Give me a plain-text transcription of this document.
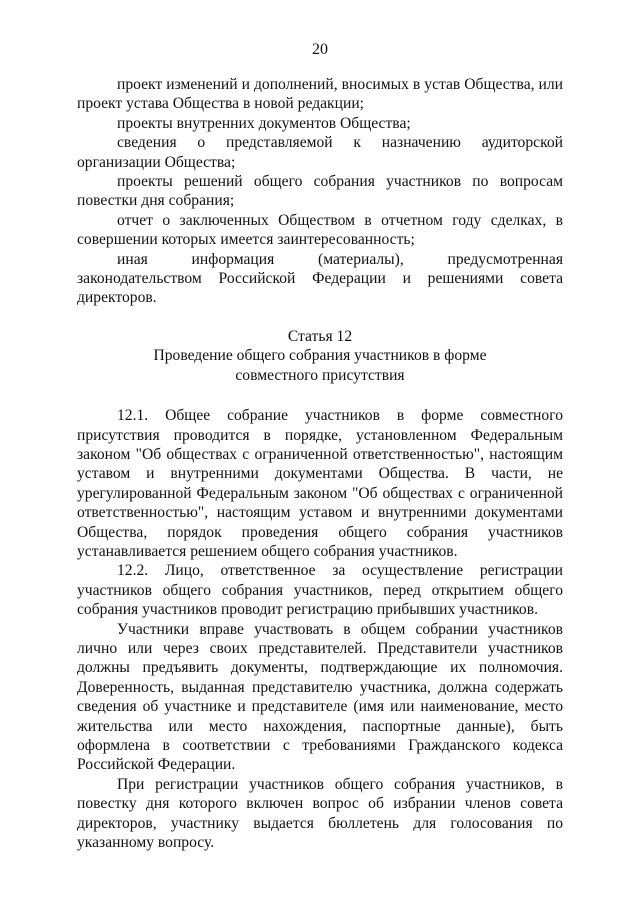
20

проект изменений и дополнений, вносимых в устав Общества, или проект устава Общества в новой редакции;

проекты внутренних документов Общества;

сведения о представляемой к назначению аудиторской организации Общества;

проекты решений общего собрания участников по вопросам повестки дня собрания;

отчет о заключенных Обществом в отчетном году сделках, в совершении которых имеется заинтересованность;

иная информация (материалы), предусмотренная законодательством Российской Федерации и решениями совета директоров.

Статья 12
Проведение общего собрания участников в форме совместного присутствия

12.1. Общее собрание участников в форме совместного присутствия проводится в порядке, установленном Федеральным законом "Об обществах с ограниченной ответственностью", настоящим уставом и внутренними документами Общества. В части, не урегулированной Федеральным законом "Об обществах с ограниченной ответственностью", настоящим уставом и внутренними документами Общества, порядок проведения общего собрания участников устанавливается решением общего собрания участников.

12.2. Лицо, ответственное за осуществление регистрации участников общего собрания участников, перед открытием общего собрания участников проводит регистрацию прибывших участников.

Участники вправе участвовать в общем собрании участников лично или через своих представителей. Представители участников должны предъявить документы, подтверждающие их полномочия. Доверенность, выданная представителю участника, должна содержать сведения об участнике и представителе (имя или наименование, место жительства или место нахождения, паспортные данные), быть оформлена в соответствии с требованиями Гражданского кодекса Российской Федерации.

При регистрации участников общего собрания участников, в повестку дня которого включен вопрос об избрании членов совета директоров, участнику выдается бюллетень для голосования по указанному вопросу.
